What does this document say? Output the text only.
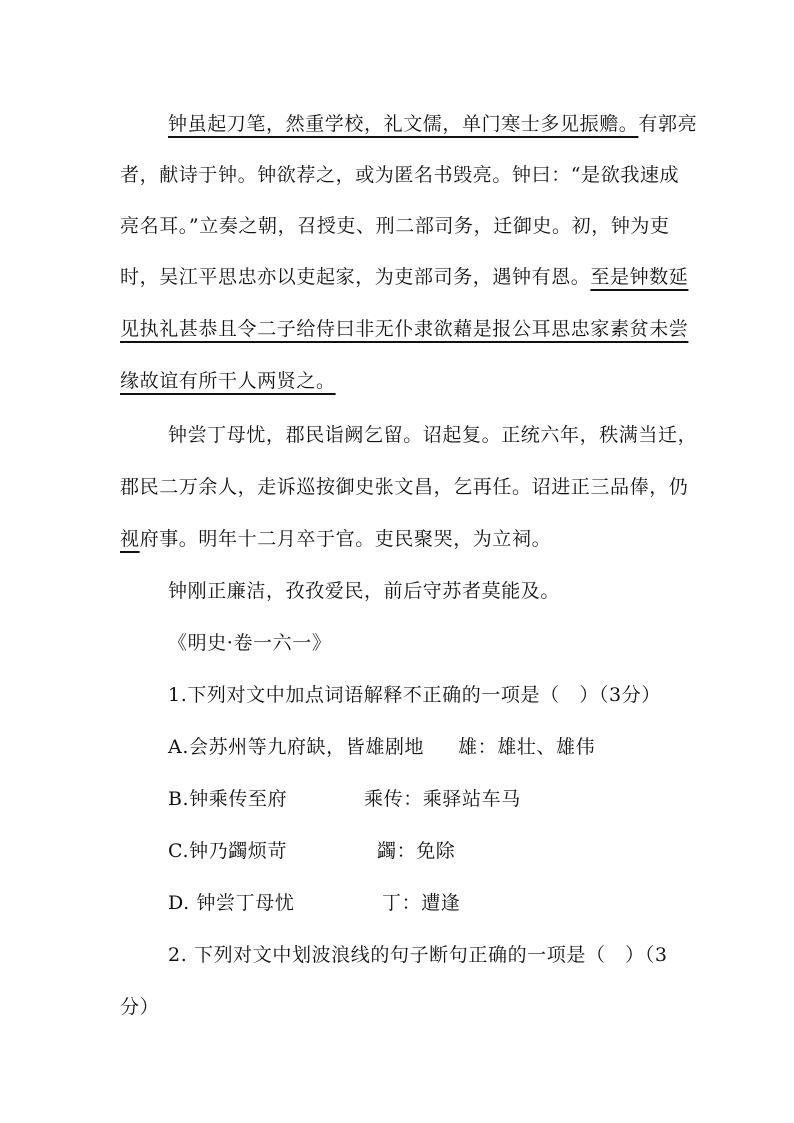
钟虽起刀笔，然重学校，礼文儒，单门寒士多见振赡。有郭亮
者，献诗于钟。钟欲荐之，或为匿名书毁亮。钟曰：“是欲我速成
亮名耳。”立奏之朝，召授吏、刑二部司务，迁御史。初，钟为吏
时，吴江平思忠亦以吏起家，为吏部司务，遇钟有恩。至是钟数延
见执礼甚恭且令二子给侍曰非无仆隶欲藉是报公耳思忠家素贫未尝
缘故谊有所干人两贤之。
钟尝丁母忧，郡民诣阙乞留。诏起复。正统六年，秩满当迁，
郡民二万余人，走诉巡按御史张文昌，乞再任。诏进正三品俸，仍
视府事。明年十二月卒于官。吏民聚哭，为立祠。
钟刚正廉洁，孜孜爱民，前后守苏者莫能及。
《明史·卷一六一》
1.下列对文中加点词语解释不正确的一项是（　）（3分）
A.会苏州等九府缺，皆雄剧地 雄：雄壮、雄伟
B.钟乘传至府	乘传：乘驿站车马
C.钟乃蠲烦苛	蠲：免除
D. 钟尝丁母忧	丁：遭逢
2. 下列对文中划波浪线的句子断句正确的一项是（　）（3
分）
